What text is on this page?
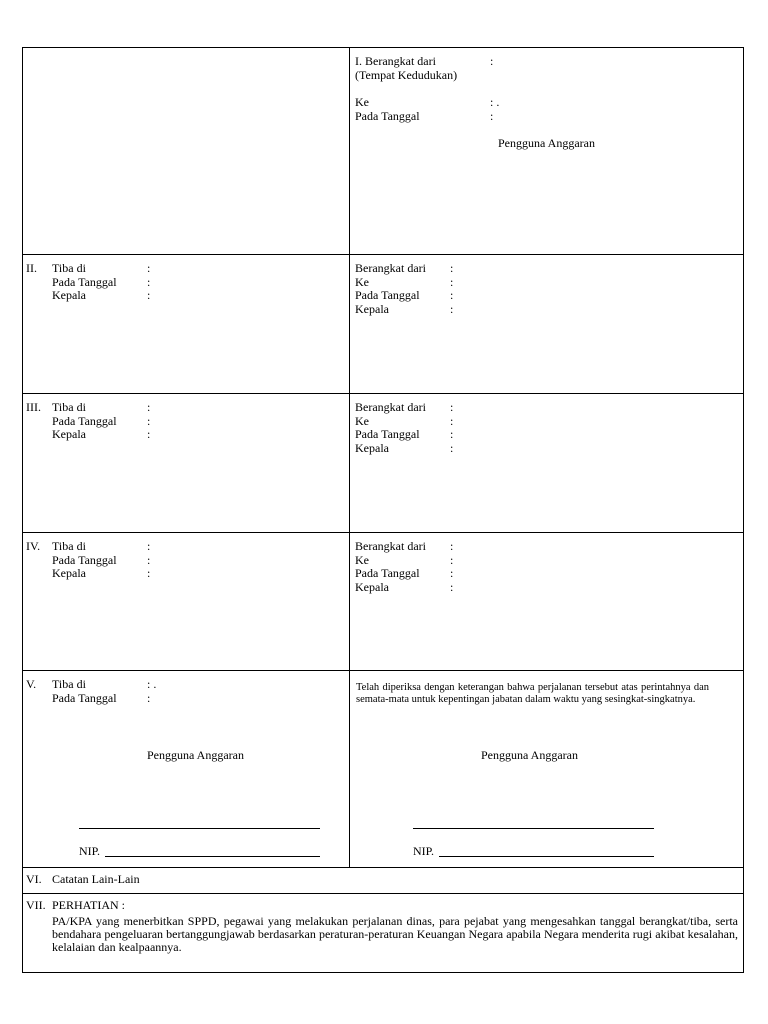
I. Berangkat dari	:
(Tempat Kedudukan)
Ke	: .
Pada Tanggal	:
Pengguna Anggaran
II. Tiba di	:
Pada Tanggal	:
Kepala	:
Berangkat dari :
Ke	:
Pada Tanggal	:
Kepala	:
III. Tiba di	:
Pada Tanggal	:
Kepala	:
Berangkat dari :
Ke	:
Pada Tanggal	:
Kepala	:
IV. Tiba di	:
Pada Tanggal	:
Kepala	:
Berangkat dari :
Ke	:
Pada Tanggal	:
Kepala	:
V. Tiba di	: .
Pada Tanggal	:
Pengguna Anggaran
NIP.
Telah diperiksa dengan keterangan bahwa perjalanan tersebut atas perintahnya dan semata-mata untuk kepentingan jabatan dalam waktu yang sesingkat-singkatnya.
Pengguna Anggaran
NIP.
VI. Catatan Lain-Lain
VII. PERHATIAN :
PA/KPA yang menerbitkan SPPD, pegawai yang melakukan perjalanan dinas, para pejabat yang mengesahkan tanggal berangkat/tiba, serta bendahara pengeluaran bertanggungjawab berdasarkan peraturan-peraturan Keuangan Negara apabila Negara menderita rugi akibat kesalahan, kelalaian dan kealpaannya.
